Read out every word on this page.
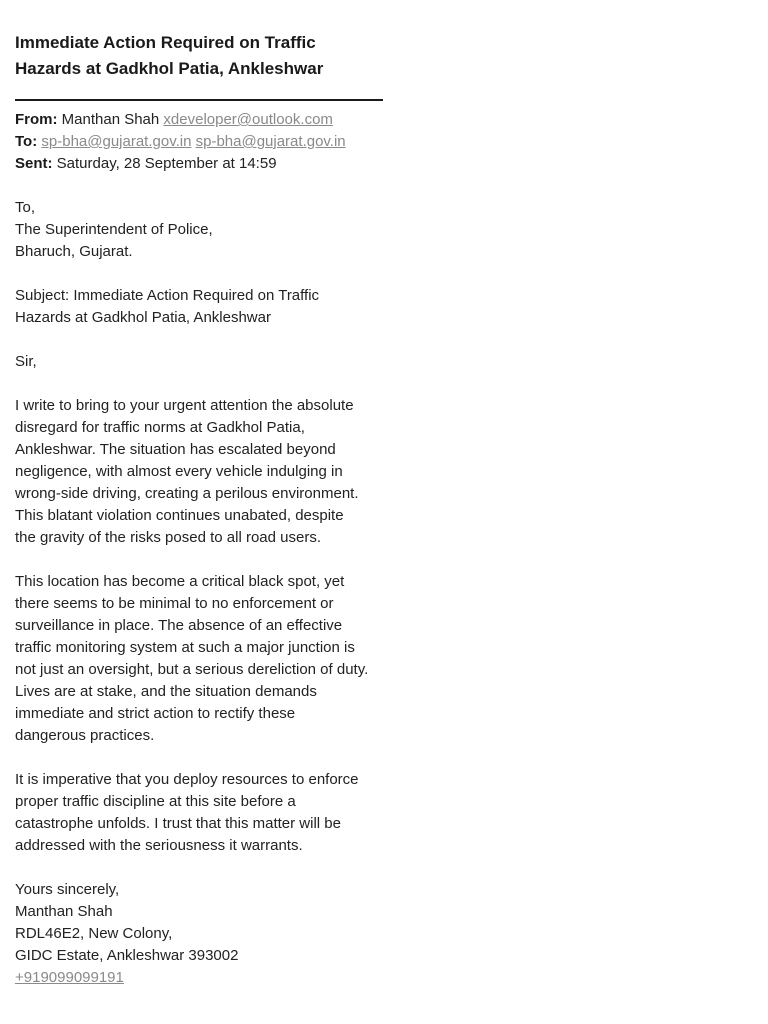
Immediate Action Required on Traffic
Hazards at Gadkhol Patia, Ankleshwar
From: Manthan Shah xdeveloper@outlook.com
To: sp-bha@gujarat.gov.in sp-bha@gujarat.gov.in
Sent: Saturday, 28 September at 14:59

To,
The Superintendent of Police,
Bharuch, Gujarat.

Subject: Immediate Action Required on Traffic
Hazards at Gadkhol Patia, Ankleshwar

Sir,

I write to bring to your urgent attention the absolute
disregard for traffic norms at Gadkhol Patia,
Ankleshwar. The situation has escalated beyond
negligence, with almost every vehicle indulging in
wrong-side driving, creating a perilous environment.
This blatant violation continues unabated, despite
the gravity of the risks posed to all road users.

This location has become a critical black spot, yet
there seems to be minimal to no enforcement or
surveillance in place. The absence of an effective
traffic monitoring system at such a major junction is
not just an oversight, but a serious dereliction of duty.
Lives are at stake, and the situation demands
immediate and strict action to rectify these
dangerous practices.

It is imperative that you deploy resources to enforce
proper traffic discipline at this site before a
catastrophe unfolds. I trust that this matter will be
addressed with the seriousness it warrants.

Yours sincerely,
Manthan Shah
RDL46E2, New Colony,
GIDC Estate, Ankleshwar 393002
+919099099191
